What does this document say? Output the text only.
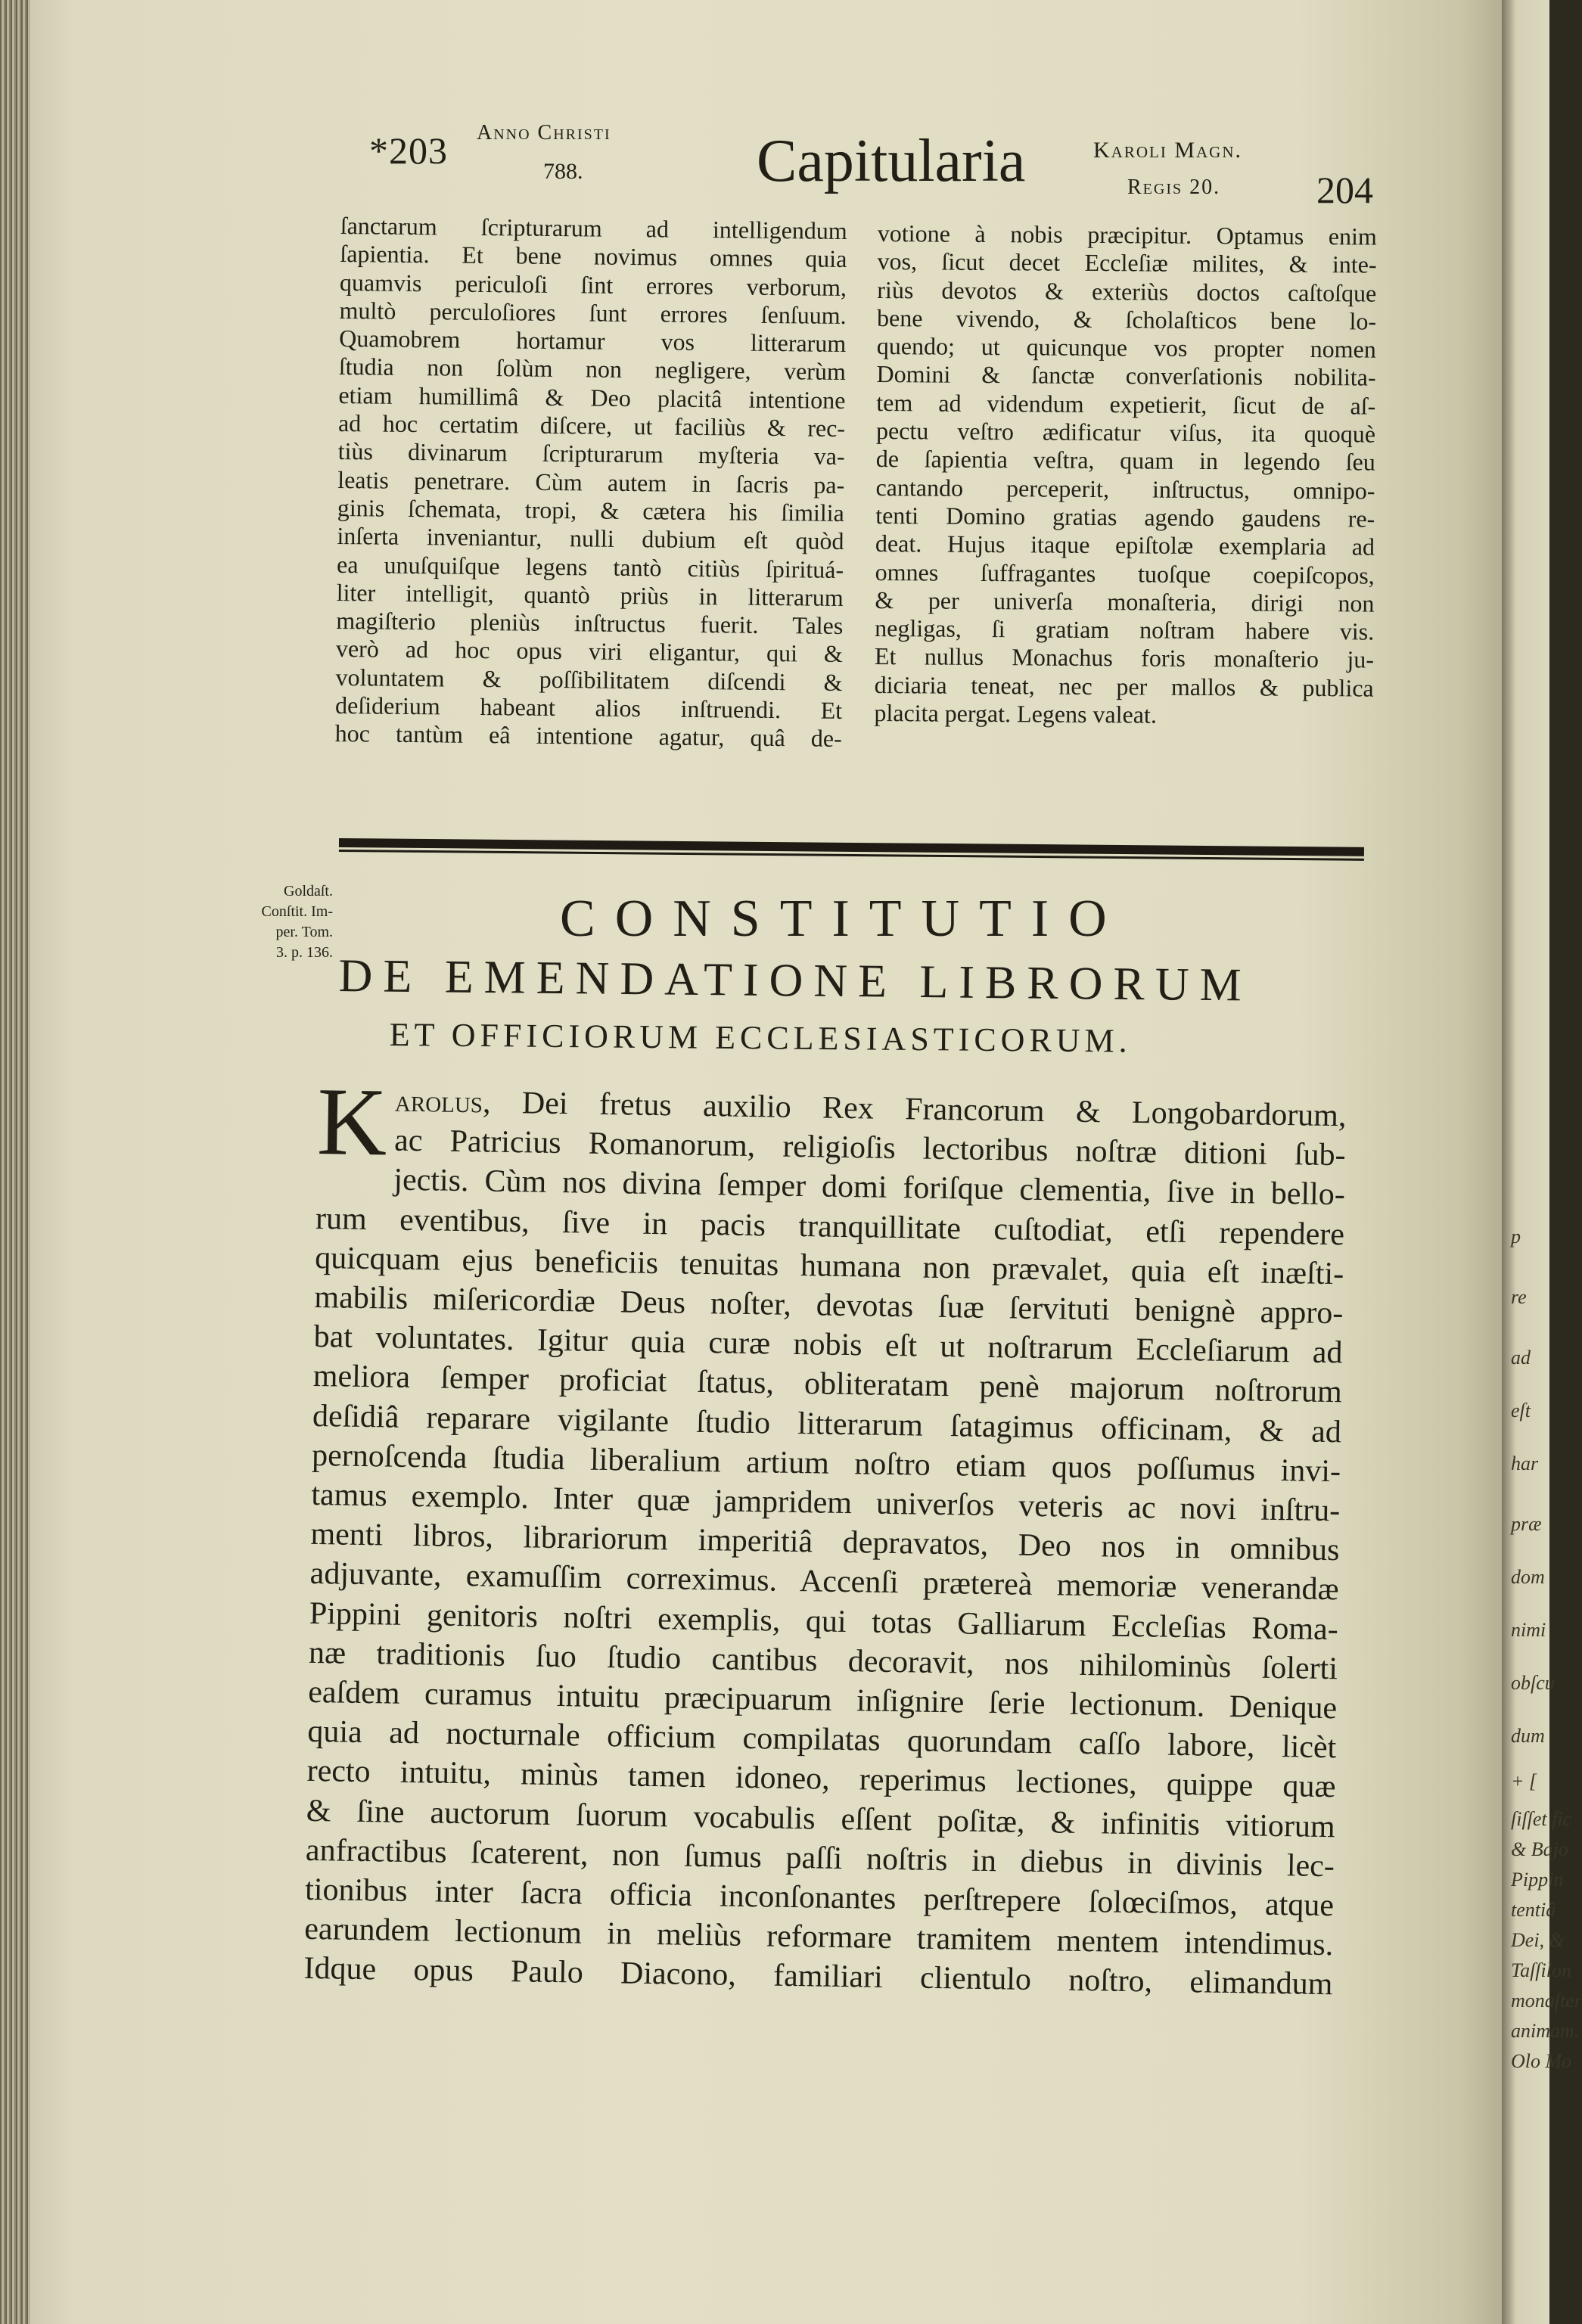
p
re
ad
eſt
har
præ
dom
nimi
obſcu
dum
+ [
ſiſſet fic
& Bajo
Pippin
tentiâ
Dei, &
Taſſilon
monaſter
animam.
Olo Mo
*203 Anno Christi
788.	Capitularia	Karoli Magn.
Regis 20.	204
ſanctarum ſcripturarum ad intelligendum
ſapientia. Et bene novimus omnes quia
quamvis periculoſi ſint errores verborum,
multò perculoſiores ſunt errores ſenſuum.
Quamobrem hortamur vos litterarum
ſtudia non ſolùm non negligere, verùm
etiam humillimâ & Deo placitâ intentione
ad hoc certatim diſcere, ut faciliùs & rec-
tiùs divinarum ſcripturarum myſteria va-
leatis penetrare. Cùm autem in ſacris pa-
ginis ſchemata, tropi, & cætera his ſimilia
inſerta inveniantur, nulli dubium eſt quòd
ea unuſquiſque legens tantò citiùs ſpirituá-
liter intelligit, quantò priùs in litterarum
magiſterio pleniùs inſtructus fuerit. Tales
verò ad hoc opus viri eligantur, qui &
voluntatem & poſſibilitatem diſcendi &
deſiderium habeant alios inſtruendi. Et
hoc tantùm eâ intentione agatur, quâ de-
votione à nobis præcipitur. Optamus enim
vos, ſicut decet Eccleſiæ milites, & inte-
riùs devotos & exteriùs doctos caſtoſque
bene vivendo, & ſcholaſticos bene lo-
quendo; ut quicunque vos propter nomen
Domini & ſanctæ converſationis nobilita-
tem ad videndum expetierit, ſicut de aſ-
pectu veſtro ædificatur viſus, ita quoquè
de ſapientia veſtra, quam in legendo ſeu
cantando perceperit, inſtructus, omnipo-
tenti Domino gratias agendo gaudens re-
deat. Hujus itaque epiſtolæ exemplaria ad
omnes ſuffragantes tuoſque coepiſcopos,
& per univerſa monaſteria, dirigi non
negligas, ſi gratiam noſtram habere vis.
Et nullus Monachus foris monaſterio ju-
diciaria teneat, nec per mallos & publica
placita pergat. Legens valeat.
Goldaſt.
Conſtit. Im-
per. Tom.
3. p. 136.
CONSTITUTIO
DE EMENDATIONE LIBRORUM
ET OFFICIORUM ECCLESIASTICORUM.
K arolus, Dei fretus auxilio Rex Francorum & Longobardorum,
ac Patricius Romanorum, religioſis lectoribus noſtræ ditioni ſub-
jectis. Cùm nos divina ſemper domi foriſque clementia, ſive in bello-
rum eventibus, ſive in pacis tranquillitate cuſtodiat, etſi rependere
quicquam ejus beneficiis tenuitas humana non prævalet, quia eſt inæſti-
mabilis miſericordiæ Deus noſter, devotas ſuæ ſervituti benignè appro-
bat voluntates. Igitur quia curæ nobis eſt ut noſtrarum Eccleſiarum ad
meliora ſemper proficiat ſtatus, obliteratam penè majorum noſtrorum
deſidiâ reparare vigilante ſtudio litterarum ſatagimus officinam, & ad
pernoſcenda ſtudia liberalium artium noſtro etiam quos poſſumus invi-
tamus exemplo. Inter quæ jampridem univerſos veteris ac novi inſtru-
menti libros, librariorum imperitiâ depravatos, Deo nos in omnibus
adjuvante, examuſſim correximus. Accenſi prætereà memoriæ venerandæ
Pippini genitoris noſtri exemplis, qui totas Galliarum Eccleſias Roma-
næ traditionis ſuo ſtudio cantibus decoravit, nos nihilominùs ſolerti
eaſdem curamus intuitu præcipuarum inſignire ſerie lectionum. Denique
quia ad nocturnale officium compilatas quorundam caſſo labore, licèt
recto intuitu, minùs tamen idoneo, reperimus lectiones, quippe quæ
& ſine auctorum ſuorum vocabulis eſſent poſitæ, & infinitis vitiorum
anfractibus ſcaterent, non ſumus paſſi noſtris in diebus in divinis lec-
tionibus inter ſacra officia inconſonantes perſtrepere ſolœciſmos, atque
earundem lectionum in meliùs reformare tramitem mentem intendimus.
Idque opus Paulo Diacono, familiari clientulo noſtro, elimandum
